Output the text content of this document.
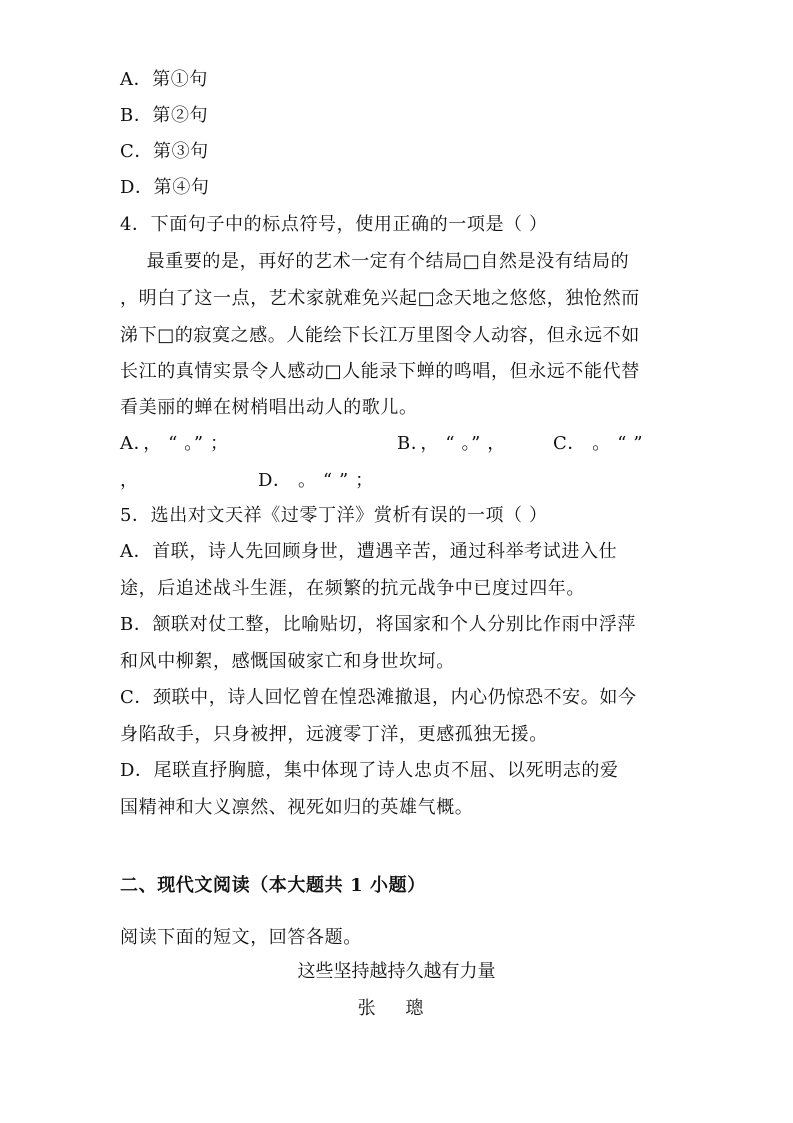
A．第①句
B．第②句
C．第③句
D．第④句
4．下面句子中的标点符号，使用正确的一项是（ ）
　最重要的是，再好的艺术一定有个结局□自然是没有结局的
，明白了这一点，艺术家就难免兴起□念天地之悠悠，独怆然而
涕下□的寂寞之感。人能绘下长江万里图令人动容，但永远不如
长江的真情实景令人感动□人能录下蝉的鸣唱，但永远不能代替
看美丽的蝉在树梢唱出动人的歌儿。
A．， “ 。” ；	B．， “ 。” ，	C． 。 “ ”
，	D． 。 “ ” ；
5．选出对文天祥《过零丁洋》赏析有误的一项（ ）
A．首联，诗人先回顾身世，遭遇辛苦，通过科举考试进入仕
途，后追述战斗生涯，在频繁的抗元战争中已度过四年。
B．颔联对仗工整，比喻贴切，将国家和个人分别比作雨中浮萍
和风中柳絮，感慨国破家亡和身世坎坷。
C．颈联中，诗人回忆曾在惶恐滩撤退，内心仍惊恐不安。如今
身陷敌手，只身被押，远渡零丁洋，更感孤独无援。
D．尾联直抒胸臆，集中体现了诗人忠贞不屈、以死明志的爱
国精神和大义凛然、视死如归的英雄气概。
二、现代文阅读（本大题共 1 小题）
阅读下面的短文，回答各题。
这些坚持越持久越有力量
张 璁
